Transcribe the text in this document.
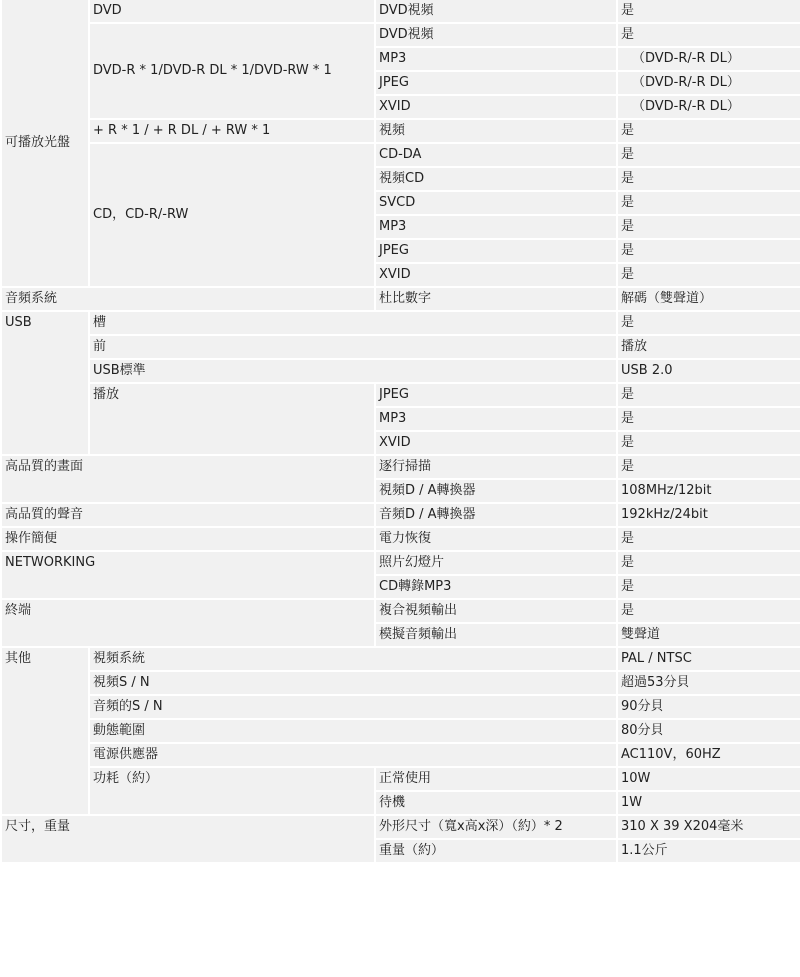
可播放光盤	DVD	DVD視頻	是
	DVD-R * 1/DVD-R DL * 1/DVD-RW * 1	DVD視頻	是
		MP3	（DVD-R/-R DL）
		JPEG	（DVD-R/-R DL）
		XVID	（DVD-R/-R DL）
	+ R * 1 / + R DL / + RW * 1	視頻	是
	CD，CD-R/-RW	CD-DA	是
		視頻CD	是
		SVCD	是
		MP3	是
		JPEG	是
		XVID	是
音頻系統		杜比數字	解碼（雙聲道）
USB	槽		是
	前		播放
	USB標準		USB 2.0
	播放	JPEG	是
		MP3	是
		XVID	是
高品質的畫面		逐行掃描	是
		視頻D / A轉換器	108MHz/12bit
高品質的聲音		音頻D / A轉換器	192kHz/24bit
操作簡便		電力恢復	是
NETWORKING		照片幻燈片	是
		CD轉錄MP3	是
終端		複合視頻輸出	是
		模擬音頻輸出	雙聲道
其他	視頻系統		PAL / NTSC
	視頻S / N		超過53分貝
	音頻的S / N		90分貝
	動態範圍		80分貝
	電源供應器		AC110V，60HZ
	功耗（約）	正常使用	10W
		待機	1W
尺寸，重量		外形尺寸（寬x高x深）（約）* 2	310 X 39 X204毫米
		重量（約）	1.1公斤
